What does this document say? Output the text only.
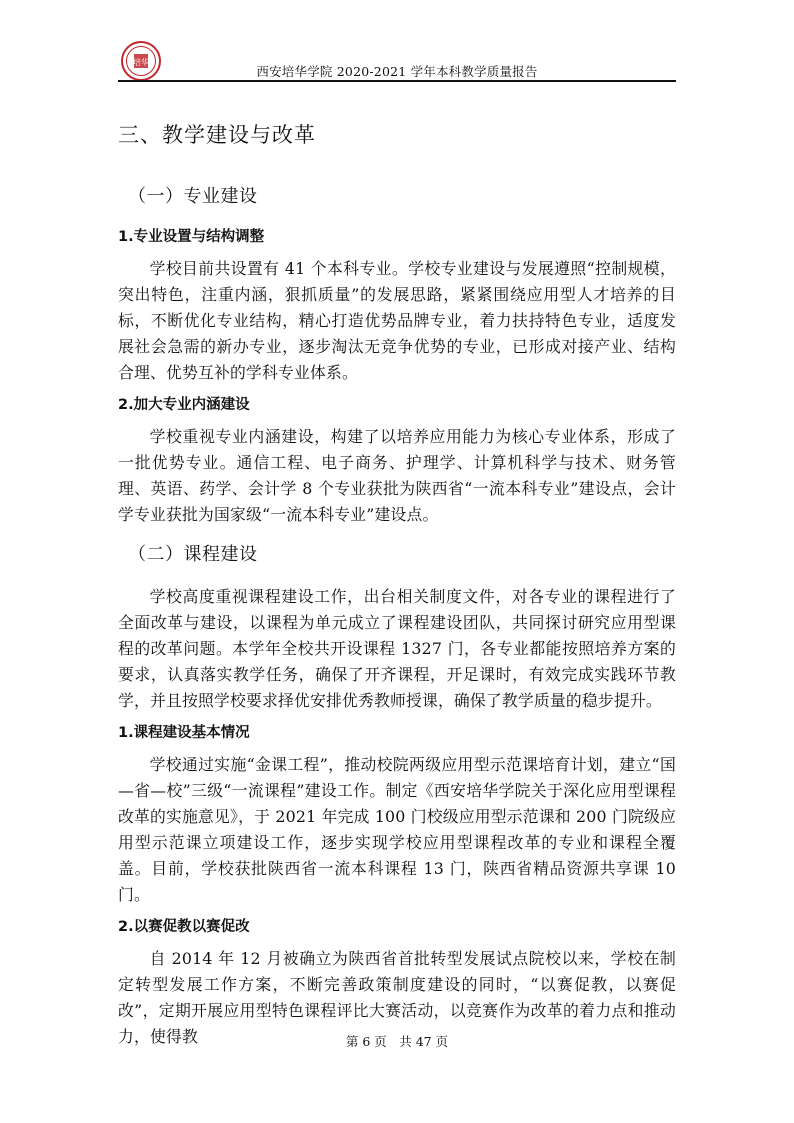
培华
西安培华学院 2020-2021 学年本科教学质量报告
三、教学建设与改革
（一）专业建设
1.专业设置与结构调整

学校目前共设置有 41 个本科专业。学校专业建设与发展遵照“控制规模，突出特色，注重内涵，狠抓质量”的发展思路，紧紧围绕应用型人才培养的目标，不断优化专业结构，精心打造优势品牌专业，着力扶持特色专业，适度发展社会急需的新办专业，逐步淘汰无竞争优势的专业，已形成对接产业、结构合理、优势互补的学科专业体系。

2.加大专业内涵建设

学校重视专业内涵建设，构建了以培养应用能力为核心专业体系，形成了一批优势专业。通信工程、电子商务、护理学、计算机科学与技术、财务管理、英语、药学、会计学 8 个专业获批为陕西省“一流本科专业”建设点，会计学专业获批为国家级“一流本科专业”建设点。

（二）课程建设

学校高度重视课程建设工作，出台相关制度文件，对各专业的课程进行了全面改革与建设，以课程为单元成立了课程建设团队，共同探讨研究应用型课程的改革问题。本学年全校共开设课程 1327 门，各专业都能按照培养方案的要求，认真落实教学任务，确保了开齐课程，开足课时，有效完成实践环节教学，并且按照学校要求择优安排优秀教师授课，确保了教学质量的稳步提升。

1.课程建设基本情况

学校通过实施“金课工程”，推动校院两级应用型示范课培育计划，建立“国—省—校”三级“一流课程”建设工作。制定《西安培华学院关于深化应用型课程改革的实施意见》，于 2021 年完成 100 门校级应用型示范课和 200 门院级应用型示范课立项建设工作，逐步实现学校应用型课程改革的专业和课程全覆盖。目前，学校获批陕西省一流本科课程 13 门，陕西省精品资源共享课 10 门。

2.以赛促教以赛促改

自 2014 年 12 月被确立为陕西省首批转型发展试点院校以来，学校在制定转型发展工作方案，不断完善政策制度建设的同时，“以赛促教，以赛促改”，定期开展应用型特色课程评比大赛活动，以竞赛作为改革的着力点和推动力，使得教	第 6 页　共 47 页
